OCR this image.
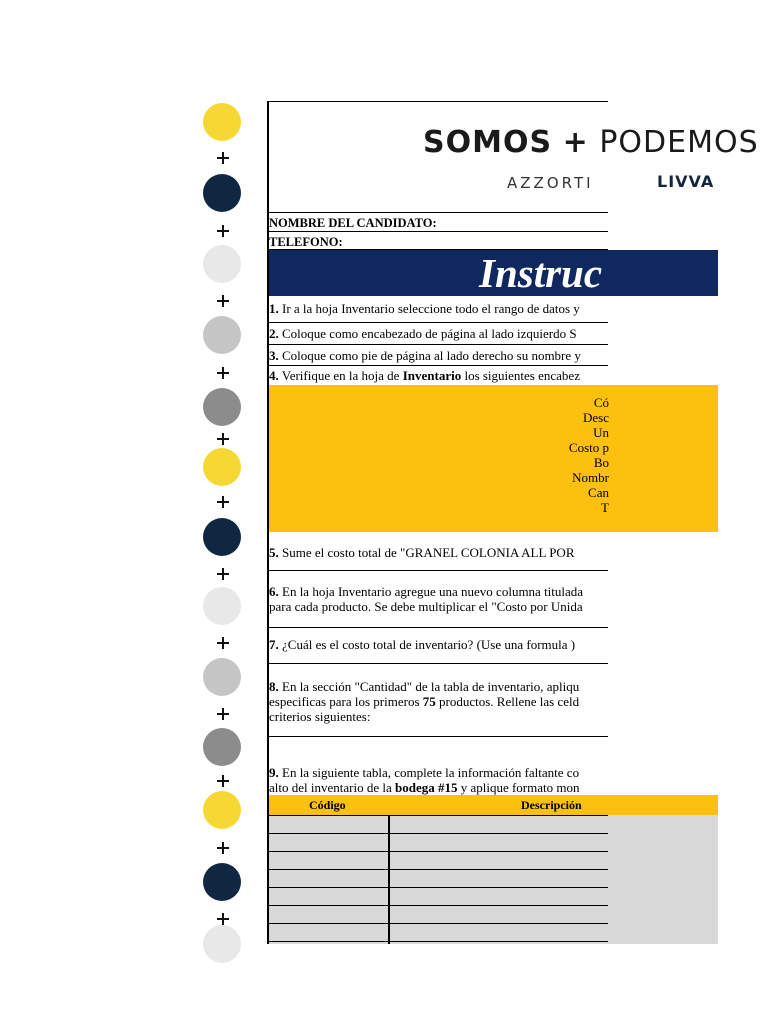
SOMOS + PODEMOS
AZZORTI	LIVVA
NOMBRE DEL CANDIDATO:
TELEFONO:
Instruc
1. Ir a la hoja Inventario seleccione todo el rango de datos y
2. Coloque como encabezado de página al lado izquierdo S
3. Coloque como pie de página al lado derecho su nombre y
4. Verifique en la hoja de Inventario los siguientes encabez
Có
Desc
Un
Costo p
Bo
Nombr
Can
T
5. Sume el costo total de "GRANEL COLONIA ALL POR
6. En la hoja Inventario agregue una nuevo columna titulada
para cada producto. Se debe multiplicar el "Costo por Unida
7. ¿Cuál es el costo total de inventario? (Use una formula )
8. En la sección "Cantidad" de la tabla de inventario, apliqu
especificas para los primeros 75 productos. Rellene las celd
criterios siguientes:
9. En la siguiente tabla, complete la información faltante co
alto del inventario de la bodega #15 y aplique formato mon
Código	Descripción
